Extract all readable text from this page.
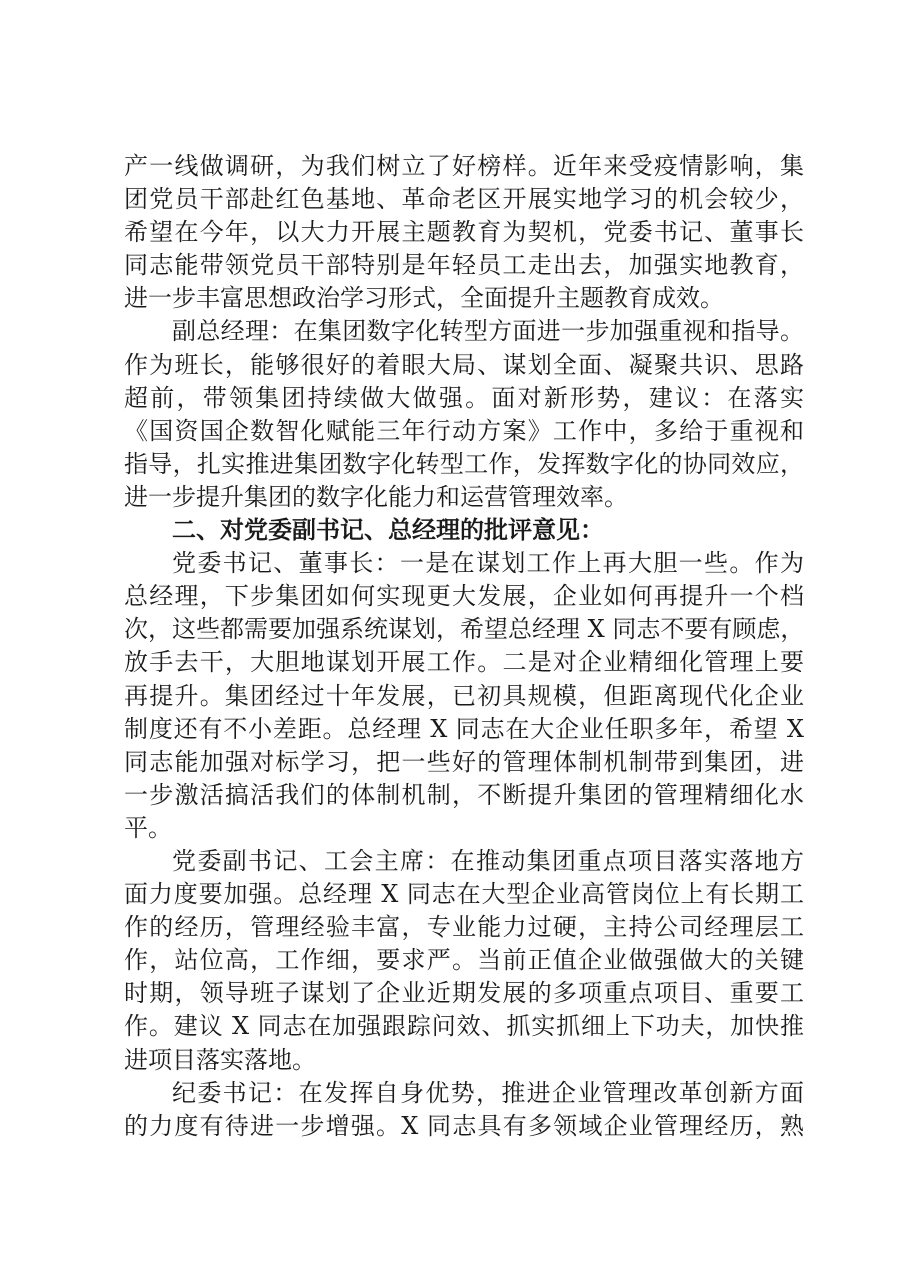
产一线做调研，为我们树立了好榜样。近年来受疫情影响，集
团党员干部赴红色基地、革命老区开展实地学习的机会较少，
希望在今年，以大力开展主题教育为契机，党委书记、董事长
同志能带领党员干部特别是年轻员工走出去，加强实地教育，
进一步丰富思想政治学习形式，全面提升主题教育成效。
副总经理：在集团数字化转型方面进一步加强重视和指导。
作为班长，能够很好的着眼大局、谋划全面、凝聚共识、思路
超前，带领集团持续做大做强。面对新形势，建议：在落实
《国资国企数智化赋能三年行动方案》工作中，多给于重视和
指导，扎实推进集团数字化转型工作，发挥数字化的协同效应，
进一步提升集团的数字化能力和运营管理效率。
二、对党委副书记、总经理的批评意见：
党委书记、董事长：一是在谋划工作上再大胆一些。作为
总经理，下步集团如何实现更大发展，企业如何再提升一个档
次，这些都需要加强系统谋划，希望总经理 X 同志不要有顾虑，
放手去干，大胆地谋划开展工作。二是对企业精细化管理上要
再提升。集团经过十年发展，已初具规模，但距离现代化企业
制度还有不小差距。总经理 X 同志在大企业任职多年，希望 X
同志能加强对标学习，把一些好的管理体制机制带到集团，进
一步激活搞活我们的体制机制，不断提升集团的管理精细化水
平。
党委副书记、工会主席：在推动集团重点项目落实落地方
面力度要加强。总经理 X 同志在大型企业高管岗位上有长期工
作的经历，管理经验丰富，专业能力过硬，主持公司经理层工
作，站位高，工作细，要求严。当前正值企业做强做大的关键
时期，领导班子谋划了企业近期发展的多项重点项目、重要工
作。建议 X 同志在加强跟踪问效、抓实抓细上下功夫，加快推
进项目落实落地。
纪委书记：在发挥自身优势，推进企业管理改革创新方面
的力度有待进一步增强。X 同志具有多领域企业管理经历，熟
